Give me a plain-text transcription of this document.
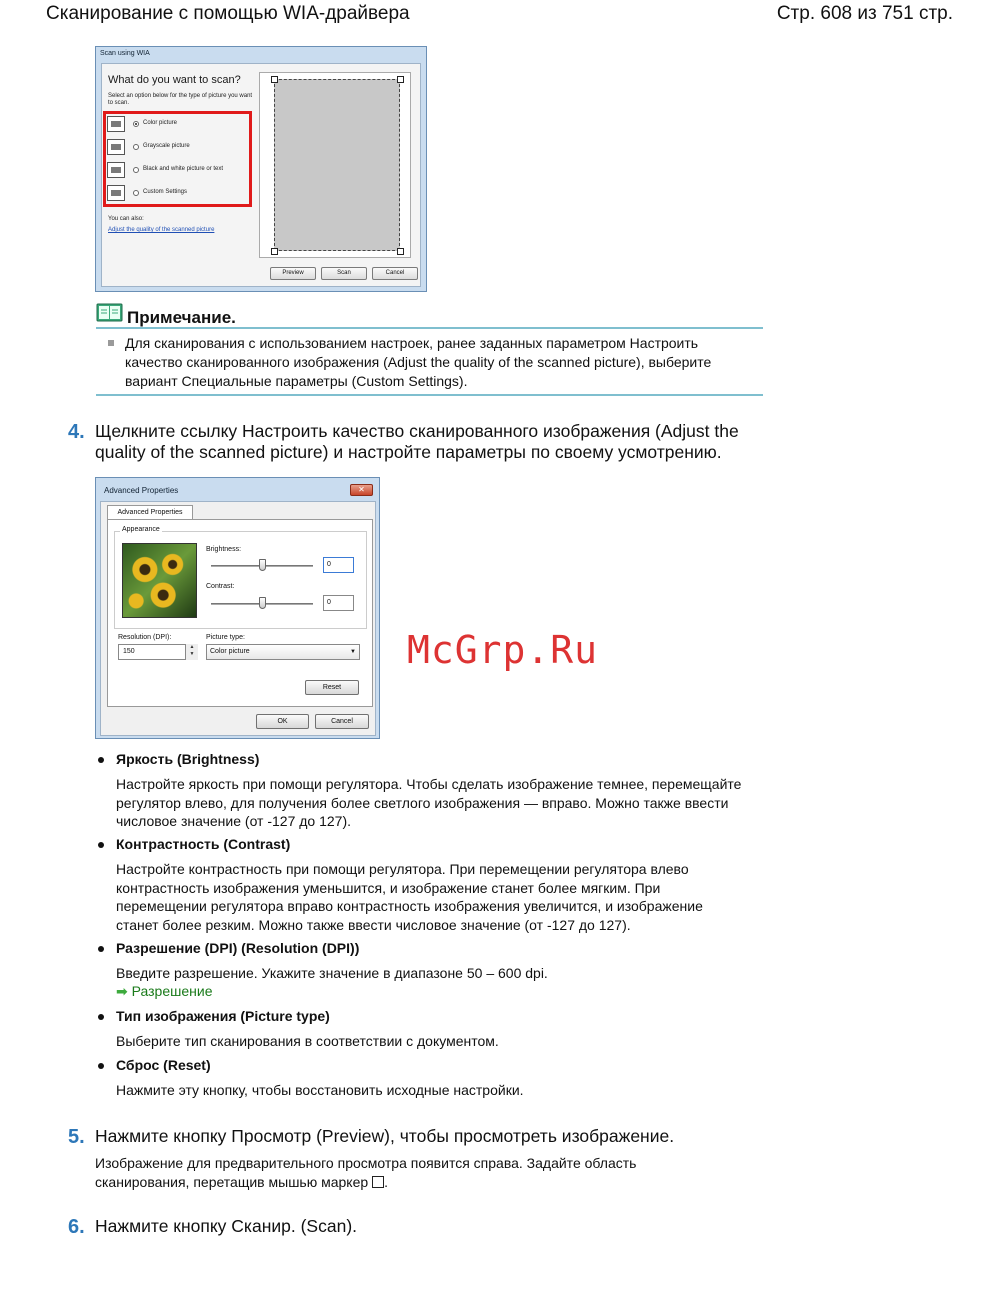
Сканирование с помощью WIA-драйвера	Стр. 608 из 751 стр.
Scan using WIA
What do you want to scan?
Select an option below for the type of picture you want to scan.
Color picture
Grayscale picture
Black and white picture or text
Custom Settings
You can also:
Adjust the quality of the scanned picture
Preview	Scan	Cancel
Примечание.
Для сканирования с использованием настроек, ранее заданных параметром Настроить качество сканированного изображения (Adjust the quality of the scanned picture), выберите вариант Специальные параметры (Custom Settings).
4. Щелкните ссылку Настроить качество сканированного изображения (Adjust the quality of the scanned picture) и настройте параметры по своему усмотрению.
Advanced Properties	✕
Advanced Properties
Appearance
Brightness:
0
Contrast:
0
Resolution (DPI):	Picture type:
150
▲
▼	Color picture	▼
Reset
OK	Cancel
McGrp.Ru
Яркость (Brightness)
Настройте яркость при помощи регулятора. Чтобы сделать изображение темнее, перемещайте регулятор влево, для получения более светлого изображения — вправо. Можно также ввести числовое значение (от -127 до 127).
Контрастность (Contrast)
Настройте контрастность при помощи регулятора. При перемещении регулятора влево контрастность изображения уменьшится, и изображение станет более мягким. При перемещении регулятора вправо контрастность изображения увеличится, и изображение станет более резким. Можно также ввести числовое значение (от -127 до 127).
Разрешение (DPI) (Resolution (DPI))
Введите разрешение. Укажите значение в диапазоне 50 – 600 dpi.
➡ Разрешение
Тип изображения (Picture type)
Выберите тип сканирования в соответствии с документом.
Сброс (Reset)
Нажмите эту кнопку, чтобы восстановить исходные настройки.
5. Нажмите кнопку Просмотр (Preview), чтобы просмотреть изображение.
Изображение для предварительного просмотра появится справа. Задайте область сканирования, перетащив мышью маркер .
6. Нажмите кнопку Сканир. (Scan).
